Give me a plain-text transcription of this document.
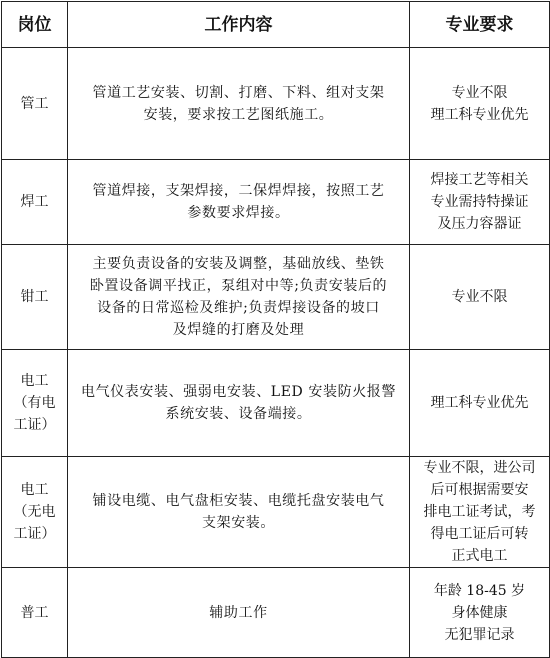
岗位	工作内容	专业要求

管工	管道工艺安装、切割、打磨、下料、组对支架
安装，要求按工艺图纸施工。	专业不限
理工科专业优先

焊工	管道焊接，支架焊接，二保焊焊接，按照工艺
参数要求焊接。	焊接工艺等相关
专业需持特操证
及压力容器证

钳工	主要负责设备的安装及调整，基础放线、垫铁
卧置设备调平找正，泵组对中等;负责安装后的
设备的日常巡检及维护;负责焊接设备的坡口
及焊缝的打磨及处理	专业不限

电工
（有电
工证）	电气仪表安装、强弱电安装、LED 安装防火报警
系统安装、设备端接。	理工科专业优先

电工
（无电
工证）	铺设电缆、电气盘柜安装、电缆托盘安装电气
支架安装。	专业不限，进公司
后可根据需要安
排电工证考试，考
得电工证后可转
正式电工

普工	辅助工作	年龄 18-45 岁
身体健康
无犯罪记录
